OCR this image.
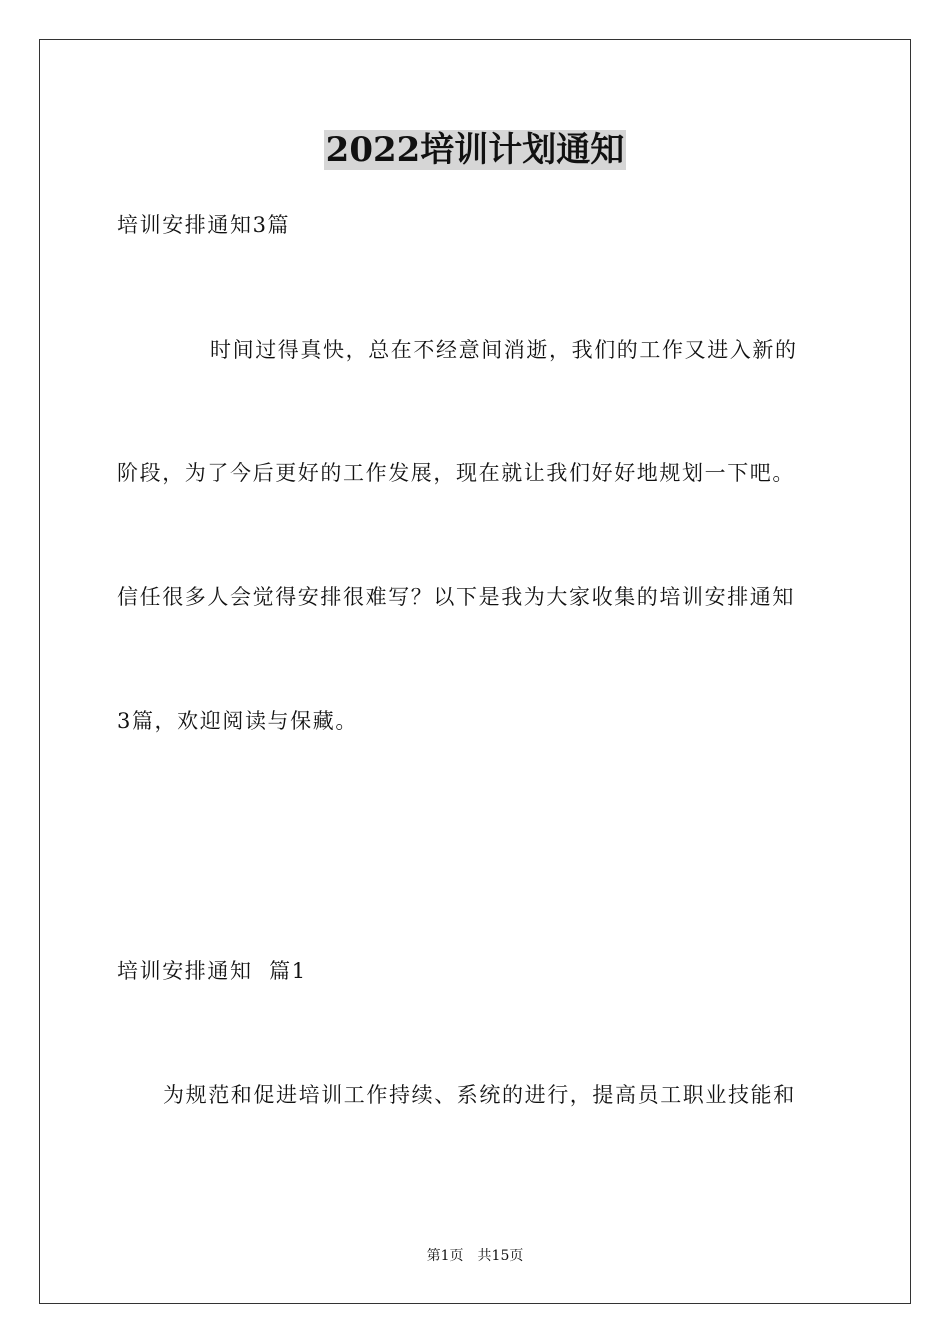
2022培训计划通知
培训安排通知3篇
时间过得真快，总在不经意间消逝，我们的工作又进入新的
阶段，为了今后更好的工作发展，现在就让我们好好地规划一下吧。
信任很多人会觉得安排很难写？以下是我为大家收集的培训安排通知
3篇，欢迎阅读与保藏。
培训安排通知  篇1
为规范和促进培训工作持续、系统的进行，提高员工职业技能和
第1页 共15页
